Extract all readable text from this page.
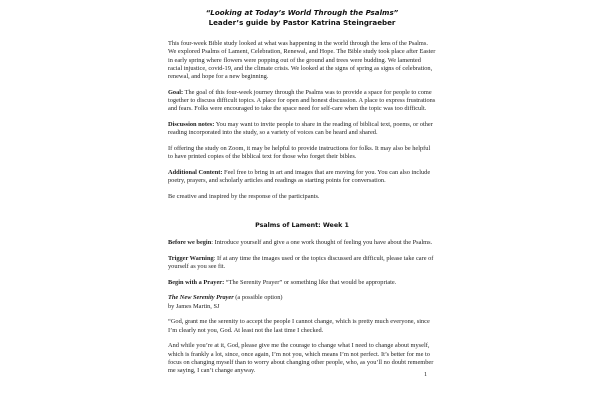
“Looking at Today’s World Through the Psalms”
Leader’s guide by Pastor Katrina Steingraeber

This four-week Bible study looked at what was happening in the world through the lens of the Psalms. We explored Psalms of Lament, Celebration, Renewal, and Hope. The Bible study took place after Easter in early spring where flowers were popping out of the ground and trees were budding. We lamented racial injustice, covid-19, and the climate crisis. We looked at the signs of spring as signs of celebration, renewal, and hope for a new beginning.

Goal: The goal of this four-week journey through the Psalms was to provide a space for people to come together to discuss difficult topics. A place for open and honest discussion. A place to express frustrations and fears. Folks were encouraged to take the space need for self-care when the topic was too difficult.

Discussion notes: You may want to invite people to share in the reading of biblical text, poems, or other reading incorporated into the study, so a variety of voices can be heard and shared.

If offering the study on Zoom, it may be helpful to provide instructions for folks. It may also be helpful to have printed copies of the biblical text for those who forget their bibles.

Additional Content: Feel free to bring in art and images that are moving for you. You can also include poetry, prayers, and scholarly articles and readings as starting points for conversation.

Be creative and inspired by the response of the participants.

Psalms of Lament: Week 1

Before we begin: Introduce yourself and give a one work thought of feeling you have about the Psalms.

Trigger Warning: If at any time the images used or the topics discussed are difficult, please take care of yourself as you see fit.

Begin with a Prayer: “The Serenity Prayer” or something like that would be appropriate.

The New Serenity Prayer (a possible option)

by James Martin, SJ

“God, grant me the serenity to accept the people I cannot change, which is pretty much everyone, since I’m clearly not you, God. At least not the last time I checked.

And while you’re at it, God, please give me the courage to change what I need to change about myself, which is frankly a lot, since, once again, I’m not you, which means I’m not perfect. It’s better for me to focus on changing myself than to worry about changing other people, who, as you’ll no doubt remember me saying, I can’t change anyway.

1
